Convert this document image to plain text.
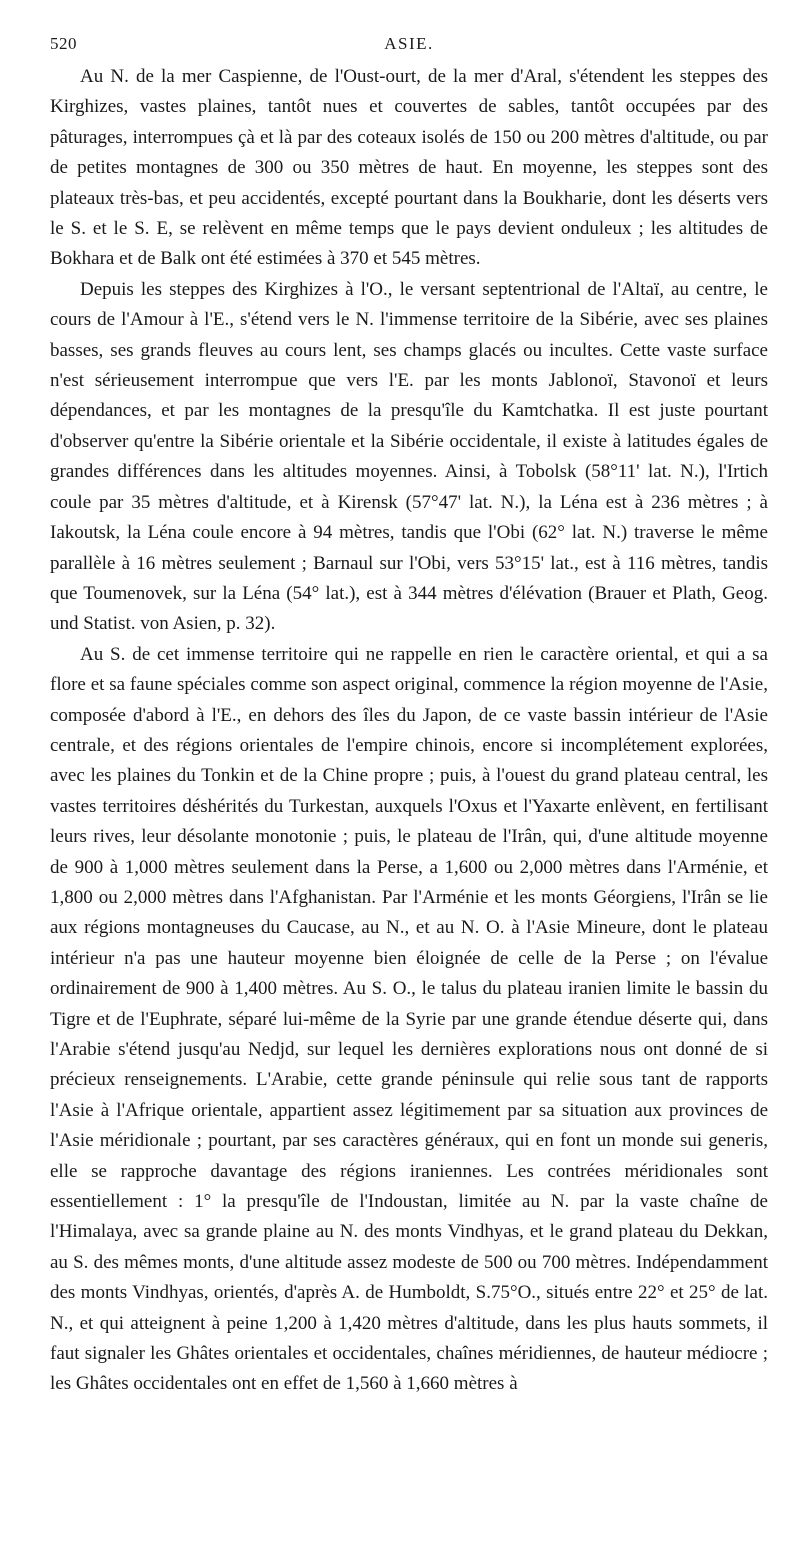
520	ASIE.

Au N. de la mer Caspienne, de l'Oust-ourt, de la mer d'Aral, s'étendent les steppes des Kirghizes, vastes plaines, tantôt nues et couvertes de sables, tantôt occupées par des pâturages, interrompues çà et là par des coteaux isolés de 150 ou 200 mètres d'altitude, ou par de petites montagnes de 300 ou 350 mètres de haut. En moyenne, les steppes sont des plateaux très-bas, et peu accidentés, excepté pourtant dans la Boukharie, dont les déserts vers le S. et le S. E, se relèvent en même temps que le pays devient onduleux ; les altitudes de Bokhara et de Balk ont été estimées à 370 et 545 mètres.

Depuis les steppes des Kirghizes à l'O., le versant septentrional de l'Altaï, au centre, le cours de l'Amour à l'E., s'étend vers le N. l'immense territoire de la Sibérie, avec ses plaines basses, ses grands fleuves au cours lent, ses champs glacés ou incultes. Cette vaste surface n'est sérieusement interrompue que vers l'E. par les monts Jablonoï, Stavonoï et leurs dépendances, et par les montagnes de la presqu'île du Kamtchatka. Il est juste pourtant d'observer qu'entre la Sibérie orientale et la Sibérie occidentale, il existe à latitudes égales de grandes différences dans les altitudes moyennes. Ainsi, à Tobolsk (58°11' lat. N.), l'Irtich coule par 35 mètres d'altitude, et à Kirensk (57°47' lat. N.), la Léna est à 236 mètres ; à Iakoutsk, la Léna coule encore à 94 mètres, tandis que l'Obi (62° lat. N.) traverse le même parallèle à 16 mètres seulement ; Barnaul sur l'Obi, vers 53°15' lat., est à 116 mètres, tandis que Toumenovek, sur la Léna (54° lat.), est à 344 mètres d'élévation (Brauer et Plath, Geog. und Statist. von Asien, p. 32).

Au S. de cet immense territoire qui ne rappelle en rien le caractère oriental, et qui a sa flore et sa faune spéciales comme son aspect original, commence la région moyenne de l'Asie, composée d'abord à l'E., en dehors des îles du Japon, de ce vaste bassin intérieur de l'Asie centrale, et des régions orientales de l'empire chinois, encore si incomplétement explorées, avec les plaines du Tonkin et de la Chine propre ; puis, à l'ouest du grand plateau central, les vastes territoires déshérités du Turkestan, auxquels l'Oxus et l'Yaxarte enlèvent, en fertilisant leurs rives, leur désolante monotonie ; puis, le plateau de l'Irân, qui, d'une altitude moyenne de 900 à 1,000 mètres seulement dans la Perse, a 1,600 ou 2,000 mètres dans l'Arménie, et 1,800 ou 2,000 mètres dans l'Afghanistan. Par l'Arménie et les monts Géorgiens, l'Irân se lie aux régions montagneuses du Caucase, au N., et au N. O. à l'Asie Mineure, dont le plateau intérieur n'a pas une hauteur moyenne bien éloignée de celle de la Perse ; on l'évalue ordinairement de 900 à 1,400 mètres. Au S. O., le talus du plateau iranien limite le bassin du Tigre et de l'Euphrate, séparé lui-même de la Syrie par une grande étendue déserte qui, dans l'Arabie s'étend jusqu'au Nedjd, sur lequel les dernières explorations nous ont donné de si précieux renseignements. L'Arabie, cette grande péninsule qui relie sous tant de rapports l'Asie à l'Afrique orientale, appartient assez légitimement par sa situation aux provinces de l'Asie méridionale ; pourtant, par ses caractères généraux, qui en font un monde sui generis, elle se rapproche davantage des régions iraniennes. Les contrées méridionales sont essentiellement : 1° la presqu'île de l'Indoustan, limitée au N. par la vaste chaîne de l'Himalaya, avec sa grande plaine au N. des monts Vindhyas, et le grand plateau du Dekkan, au S. des mêmes monts, d'une altitude assez modeste de 500 ou 700 mètres. Indépendamment des monts Vindhyas, orientés, d'après A. de Humboldt, S.75°O., situés entre 22° et 25° de lat. N., et qui atteignent à peine 1,200 à 1,420 mètres d'altitude, dans les plus hauts sommets, il faut signaler les Ghâtes orientales et occidentales, chaînes méridiennes, de hauteur médiocre ; les Ghâtes occidentales ont en effet de 1,560 à 1,660 mètres à
